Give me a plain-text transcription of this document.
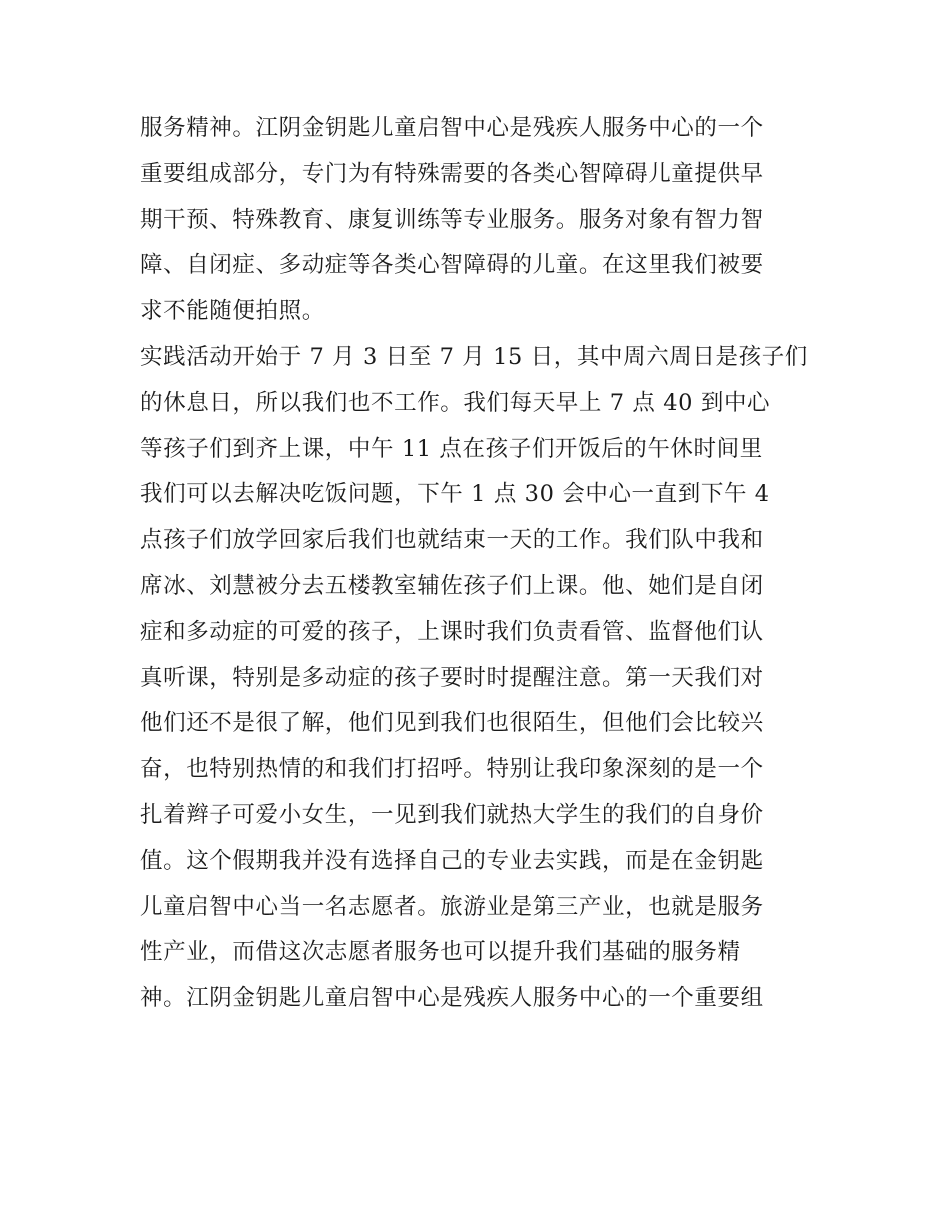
服务精神。江阴金钥匙儿童启智中心是残疾人服务中心的一个
重要组成部分，专门为有特殊需要的各类心智障碍儿童提供早
期干预、特殊教育、康复训练等专业服务。服务对象有智力智
障、自闭症、多动症等各类心智障碍的儿童。在这里我们被要
求不能随便拍照。
实践活动开始于 7 月 3 日至 7 月 15 日，其中周六周日是孩子们
的休息日，所以我们也不工作。我们每天早上 7 点 40 到中心
等孩子们到齐上课，中午 11 点在孩子们开饭后的午休时间里
我们可以去解决吃饭问题，下午 1 点 30 会中心一直到下午 4
点孩子们放学回家后我们也就结束一天的工作。我们队中我和
席冰、刘慧被分去五楼教室辅佐孩子们上课。他、她们是自闭
症和多动症的可爱的孩子，上课时我们负责看管、监督他们认
真听课，特别是多动症的孩子要时时提醒注意。第一天我们对
他们还不是很了解，他们见到我们也很陌生，但他们会比较兴
奋，也特别热情的和我们打招呼。特别让我印象深刻的是一个
扎着辫子可爱小女生，一见到我们就热大学生的我们的自身价
值。这个假期我并没有选择自己的专业去实践，而是在金钥匙
儿童启智中心当一名志愿者。旅游业是第三产业，也就是服务
性产业，而借这次志愿者服务也可以提升我们基础的服务精
神。江阴金钥匙儿童启智中心是残疾人服务中心的一个重要组
